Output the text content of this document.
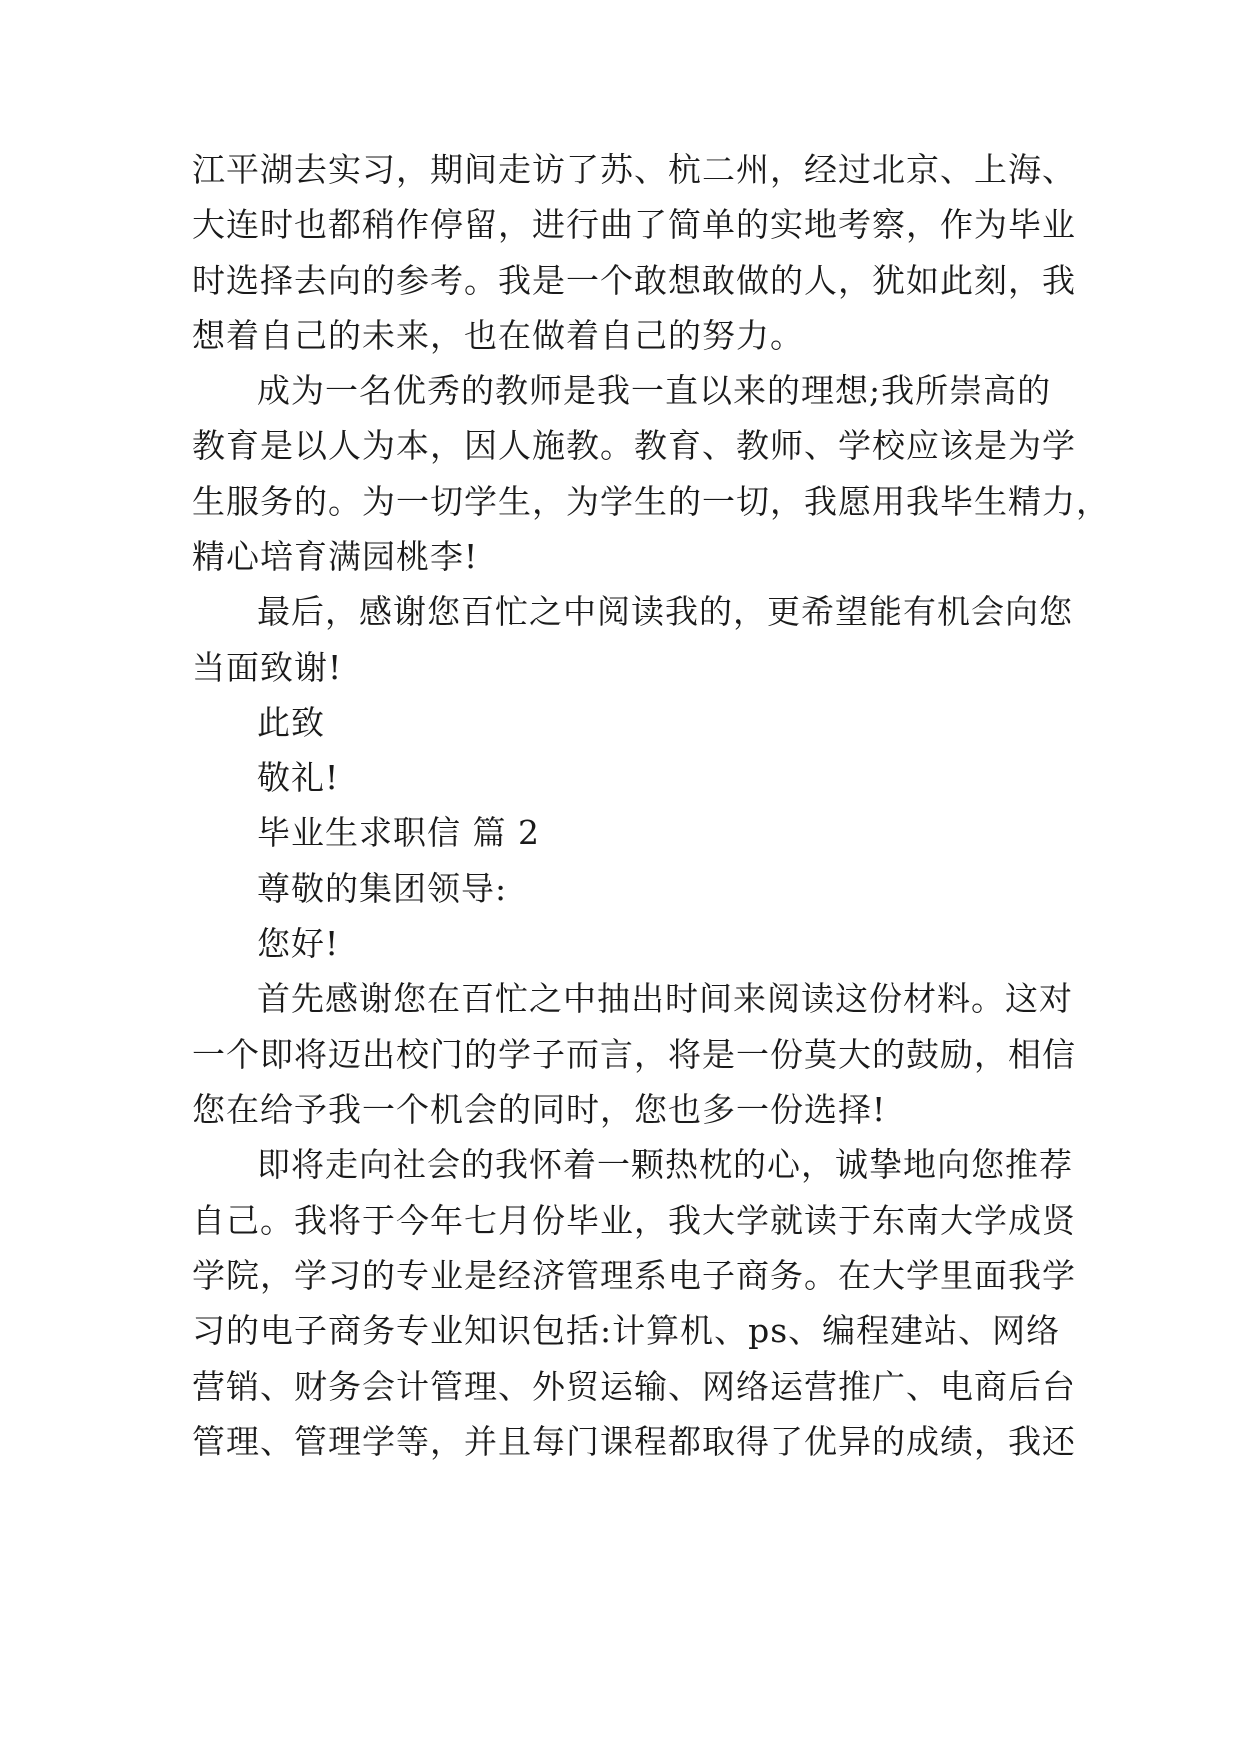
江平湖去实习，期间走访了苏、杭二州，经过北京、上海、
大连时也都稍作停留，进行曲了简单的实地考察，作为毕业
时选择去向的参考。我是一个敢想敢做的人，犹如此刻，我
想着自己的未来，也在做着自己的努力。
成为一名优秀的教师是我一直以来的理想;我所崇高的
教育是以人为本，因人施教。教育、教师、学校应该是为学
生服务的。为一切学生，为学生的一切，我愿用我毕生精力，
精心培育满园桃李!
最后，感谢您百忙之中阅读我的，更希望能有机会向您
当面致谢!
此致
敬礼!
毕业生求职信 篇 2
尊敬的集团领导:
您好!
首先感谢您在百忙之中抽出时间来阅读这份材料。这对
一个即将迈出校门的学子而言，将是一份莫大的鼓励，相信
您在给予我一个机会的同时，您也多一份选择!
即将走向社会的我怀着一颗热枕的心，诚挚地向您推荐
自己。我将于今年七月份毕业，我大学就读于东南大学成贤
学院，学习的专业是经济管理系电子商务。在大学里面我学
习的电子商务专业知识包括:计算机、ps、编程建站、网络
营销、财务会计管理、外贸运输、网络运营推广、电商后台
管理、管理学等，并且每门课程都取得了优异的成绩，我还
